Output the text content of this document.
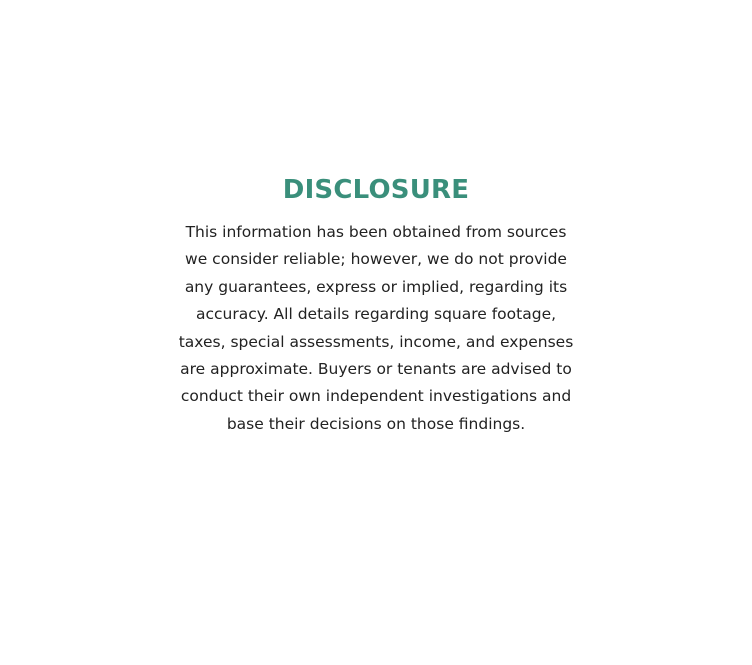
DISCLOSURE

This information has been obtained from sources
we consider reliable; however, we do not provide
any guarantees, express or implied, regarding its
accuracy. All details regarding square footage,
taxes, special assessments, income, and expenses
are approximate. Buyers or tenants are advised to
conduct their own independent investigations and
base their decisions on those findings.
